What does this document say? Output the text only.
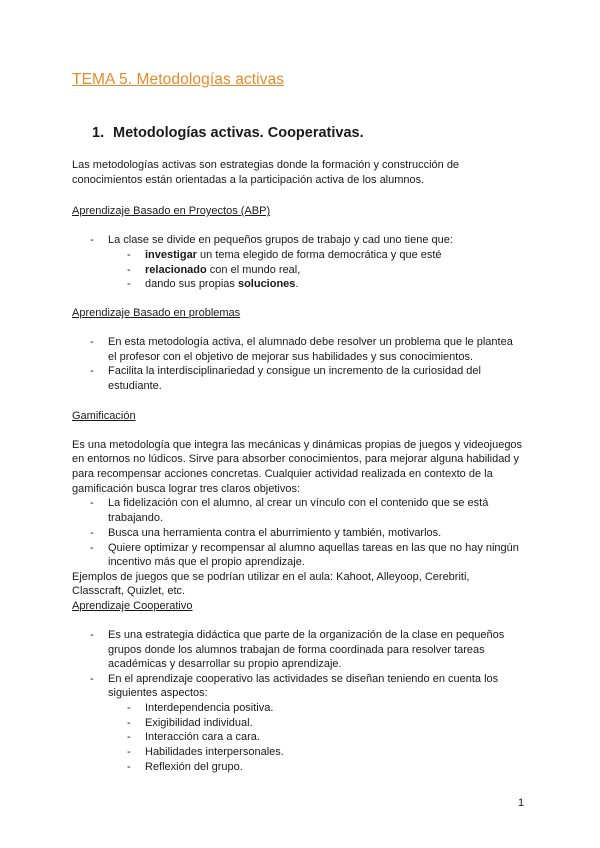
TEMA 5. Metodologías activas
1. Metodologías activas. Cooperativas.

Las metodologías activas son estrategias donde la formación y construcción de

conocimientos están orientadas a la participación activa de los alumnos.

Aprendizaje Basado en Proyectos (ABP)

- La clase se divide en pequeños grupos de trabajo y cad uno tiene que:

- investigar un tema elegido de forma democrática y que esté

- relacionado con el mundo real,

- dando sus propias soluciones.

Aprendizaje Basado en problemas

- En esta metodología activa, el alumnado debe resolver un problema que le plantea

el profesor con el objetivo de mejorar sus habilidades y sus conocimientos.

- Facilita la interdisciplinariedad y consigue un incremento de la curiosidad del

estudiante.

Gamificación

Es una metodología que integra las mecánicas y dinámicas propias de juegos y videojuegos

en entornos no lúdicos. Sirve para absorber conocimientos, para mejorar alguna habilidad y

para recompensar acciones concretas. Cualquier actividad realizada en contexto de la

gamificación busca lograr tres claros objetivos:

- La fidelización con el alumno, al crear un vínculo con el contenido que se está

trabajando.

- Busca una herramienta contra el aburrimiento y también, motivarlos.

- Quiere optimizar y recompensar al alumno aquellas tareas en las que no hay ningún

incentivo más que el propio aprendizaje.

Ejemplos de juegos que se podrían utilizar en el aula: Kahoot, Alleyoop, Cerebriti,

Classcraft, Quizlet, etc.

Aprendizaje Cooperativo

- Es una estrategia didáctica que parte de la organización de la clase en pequeños

grupos donde los alumnos trabajan de forma coordinada para resolver tareas

académicas y desarrollar su propio aprendizaje.

- En el aprendizaje cooperativo las actividades se diseñan teniendo en cuenta los

siguientes aspectos:

- Interdependencia positiva.

- Exigibilidad individual.

- Interacción cara a cara.

- Habilidades interpersonales.

- Reflexión del grupo.

1
